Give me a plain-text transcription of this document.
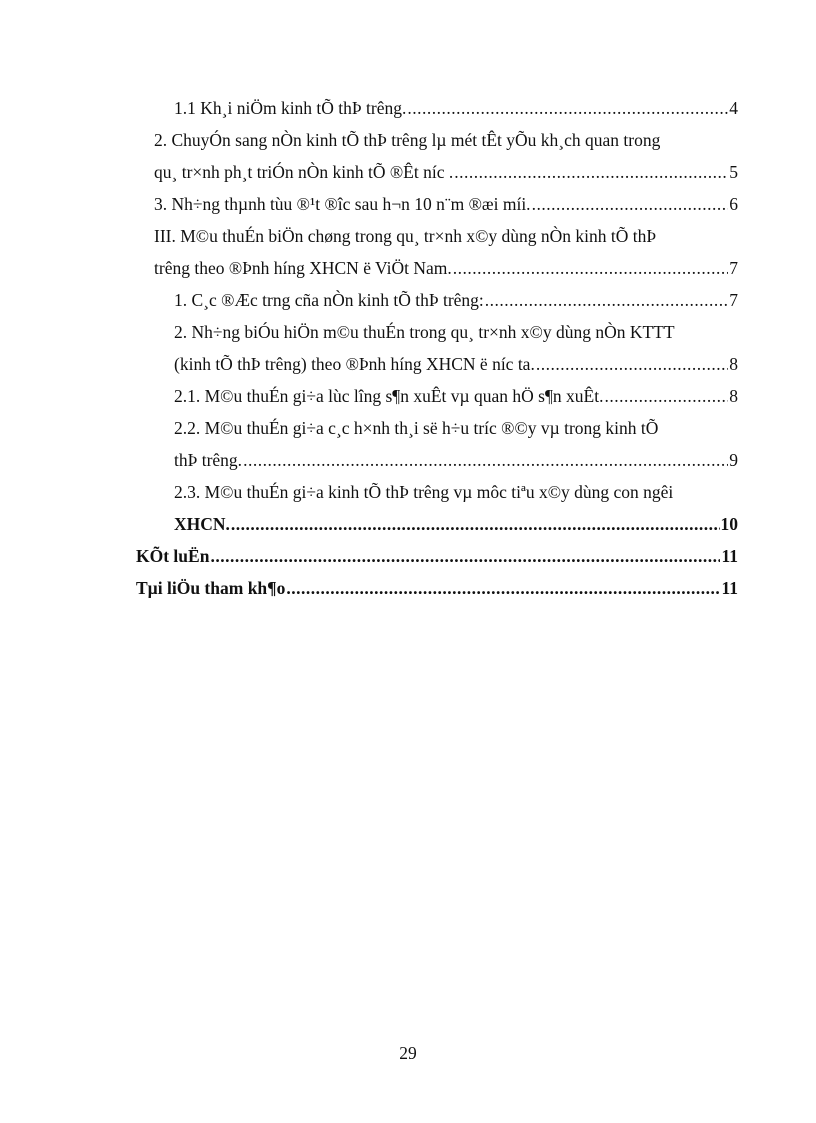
1.1 Kh¸i niÖm kinh tÕ thÞ trêng. .....	4
2. ChuyÓn sang nÒn kinh tÕ thÞ trêng lµ mét tÊt yÕu kh¸ch quan trong
qu¸ tr×nh ph¸t triÓn nÒn kinh tÕ ®Êt níc . .....	5
3. Nh÷ng thµnh tùu ®¹t ®îc sau h¬n 10 n¨m ®æi míi. .....	6
III. M©u thuÉn biÖn chøng trong qu¸ tr×nh x©y dùng nÒn kinh tÕ thÞ
trêng theo ®Þnh híng XHCN ë ViÖt Nam. .....	7
1. C¸c ®Æc trng cña nÒn kinh tÕ thÞ trêng: .....	7
2. Nh÷ng biÓu hiÖn m©u thuÉn trong qu¸ tr×nh x©y dùng nÒn KTTT
(kinh tÕ thÞ trêng) theo ®Þnh híng XHCN ë níc ta. .....	8
2.1. M©u thuÉn gi÷a lùc lîng s¶n xuÊt vµ quan hÖ s¶n xuÊt. .....	8
2.2. M©u thuÉn gi÷a c¸c h×nh th¸i së h÷u tríc ®©y vµ trong kinh tÕ
thÞ trêng. .....	9
2.3. M©u thuÉn gi÷a kinh tÕ thÞ trêng vµ môc tiªu x©y dùng con ngêi
XHCN. .....	10
KÕt luËn .....	11
Tµi liÖu tham kh¶o .....	11
29
